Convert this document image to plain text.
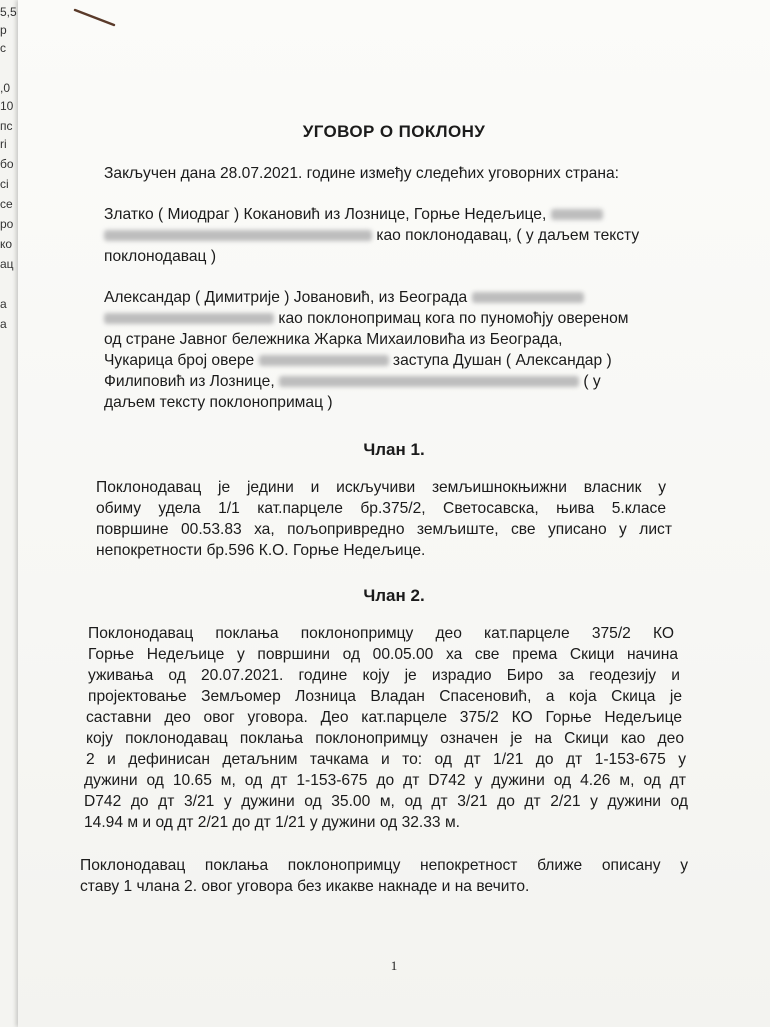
5,5
р
с
,0
10
пс
ri
бо
сі
ce
ро
ко
ац
а
а
УГОВОР О ПОКЛОНУ
Закључен дана 28.07.2021. године између следећих уговорних страна:
Златко ( Миодраг ) Кокановић из Лознице, Горње Недељице,
као поклонодавац, ( у даљем тексту
поклонодавац )
Александар ( Димитрије ) Јовановић, из Београда
као поклонопримац кога по пуномоћју овереном
од стране Јавног бележника Жарка Михаиловића из Београда,
Чукарица број овере	заступа Душан ( Александар )
Филиповић из Лознице,	( у
даљем тексту поклонопримац )
Члан 1.
Поклонодавац је једини и искључиви земљишнокњижни власник у
обиму удела 1/1 кат.парцеле бр.375/2, Светосавска, њива 5.класе
површине 00.53.83 ха, пољопривредно земљиште, све уписано у лист
непокретности бр.596 К.О. Горње Недељице.
Члан 2.
Поклонодавац поклања поклонопримцу део кат.парцеле 375/2 КО
Горње Недељице у површини од 00.05.00 ха све према Скици начина
уживања од 20.07.2021. године коју је израдио Биро за геодезију и
пројектовање Земљомер Лозница Владан Спасеновић, а која Скица је
саставни део овог уговора. Део кат.парцеле 375/2 КО Горње Недељице
коју поклонодавац поклања поклонопримцу означен је на Скици као део
2 и дефинисан детаљним тачкама и то: од дт 1/21 до дт 1-153-675 у
дужини од 10.65 м, од дт 1-153-675 до дт D742 у дужини од 4.26 м, од дт
D742 до дт 3/21 у дужини од 35.00 м, од дт 3/21 до дт 2/21 у дужини од
14.94 м и од дт 2/21 до дт 1/21 у дужини од 32.33 м.
Поклонодавац поклања поклонопримцу непокретност ближе описану у
ставу 1 члана 2. овог уговора без икакве накнаде и на вечито.
1
